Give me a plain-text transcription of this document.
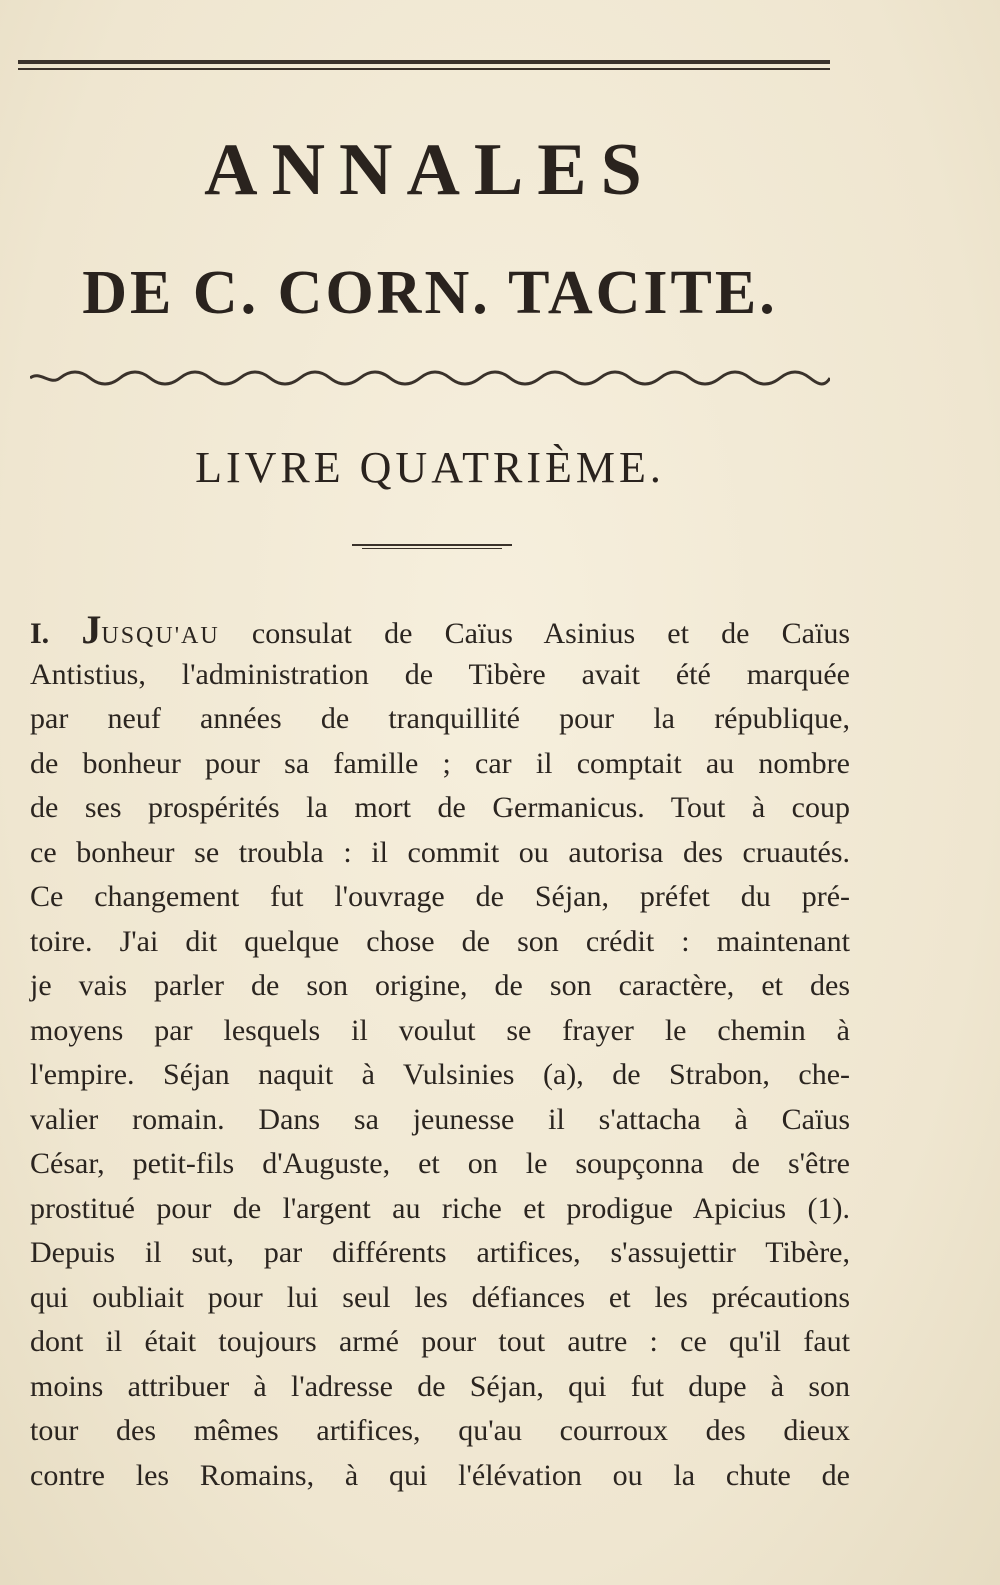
ANNALES
DE C. CORN. TACITE.
LIVRE QUATRIÈME.
I. JUSQU'AU consulat de Caïus Asinius et de Caïus
Antistius, l'administration de Tibère avait été marquée
par neuf années de tranquillité pour la république,
de bonheur pour sa famille ; car il comptait au nombre
de ses prospérités la mort de Germanicus. Tout à coup
ce bonheur se troubla : il commit ou autorisa des cruautés.
Ce changement fut l'ouvrage de Séjan, préfet du pré-
toire. J'ai dit quelque chose de son crédit : maintenant
je vais parler de son origine, de son caractère, et des
moyens par lesquels il voulut se frayer le chemin à
l'empire. Séjan naquit à Vulsinies (a), de Strabon, che-
valier romain. Dans sa jeunesse il s'attacha à Caïus
César, petit-fils d'Auguste, et on le soupçonna de s'être
prostitué pour de l'argent au riche et prodigue Apicius (1).
Depuis il sut, par différents artifices, s'assujettir Tibère,
qui oubliait pour lui seul les défiances et les précautions
dont il était toujours armé pour tout autre : ce qu'il faut
moins attribuer à l'adresse de Séjan, qui fut dupe à son
tour des mêmes artifices, qu'au courroux des dieux
contre les Romains, à qui l'élévation ou la chute de
